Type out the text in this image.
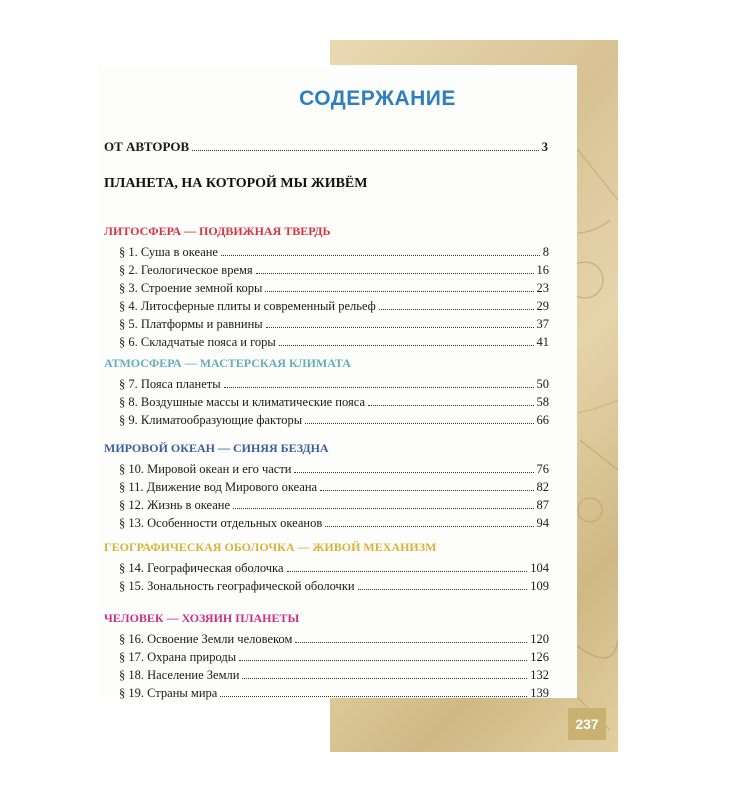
СОДЕРЖАНИЕ
ОТ АВТОРОВ	3
ПЛАНЕТА, НА КОТОРОЙ МЫ ЖИВЁМ
ЛИТОСФЕРА — ПОДВИЖНАЯ ТВЕРДЬ
§ 1. Суша в океане	8
§ 2. Геологическое время	16
§ 3. Строение земной коры	23
§ 4. Литосферные плиты и современный рельеф	29
§ 5. Платформы и равнины	37
§ 6. Складчатые пояса и горы	41
АТМОСФЕРА — МАСТЕРСКАЯ КЛИМАТА
§ 7. Пояса планеты	50
§ 8. Воздушные массы и климатические пояса	58
§ 9. Климатообразующие факторы	66
МИРОВОЙ ОКЕАН — СИНЯЯ БЕЗДНА
§ 10. Мировой океан и его части	76
§ 11. Движение вод Мирового океана	82
§ 12. Жизнь в океане	87
§ 13. Особенности отдельных океанов	94
ГЕОГРАФИЧЕСКАЯ ОБОЛОЧКА — ЖИВОЙ МЕХАНИЗМ
§ 14. Географическая оболочка	104
§ 15. Зональность географической оболочки	109
ЧЕЛОВЕК — ХОЗЯИН ПЛАНЕТЫ
§ 16. Освоение Земли человеком	120
§ 17. Охрана природы	126
§ 18. Население Земли	132
§ 19. Страны мира	139
237
